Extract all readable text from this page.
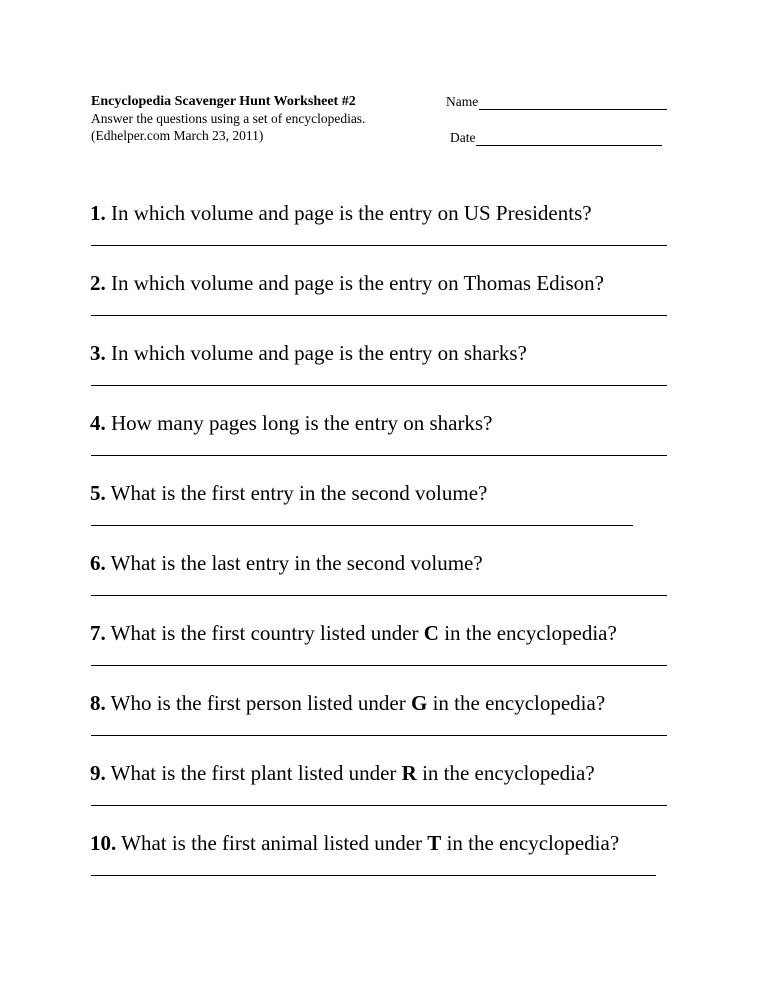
Encyclopedia Scavenger Hunt Worksheet #2
Answer the questions using a set of encyclopedias.
(Edhelper.com March 23, 2011)
Name
Date
1. In which volume and page is the entry on US Presidents?
2. In which volume and page is the entry on Thomas Edison?
3. In which volume and page is the entry on sharks?
4. How many pages long is the entry on sharks?
5. What is the first entry in the second volume?
6. What is the last entry in the second volume?
7. What is the first country listed under C in the encyclopedia?
8. Who is the first person listed under G in the encyclopedia?
9. What is the first plant listed under R in the encyclopedia?
10. What is the first animal listed under T in the encyclopedia?
